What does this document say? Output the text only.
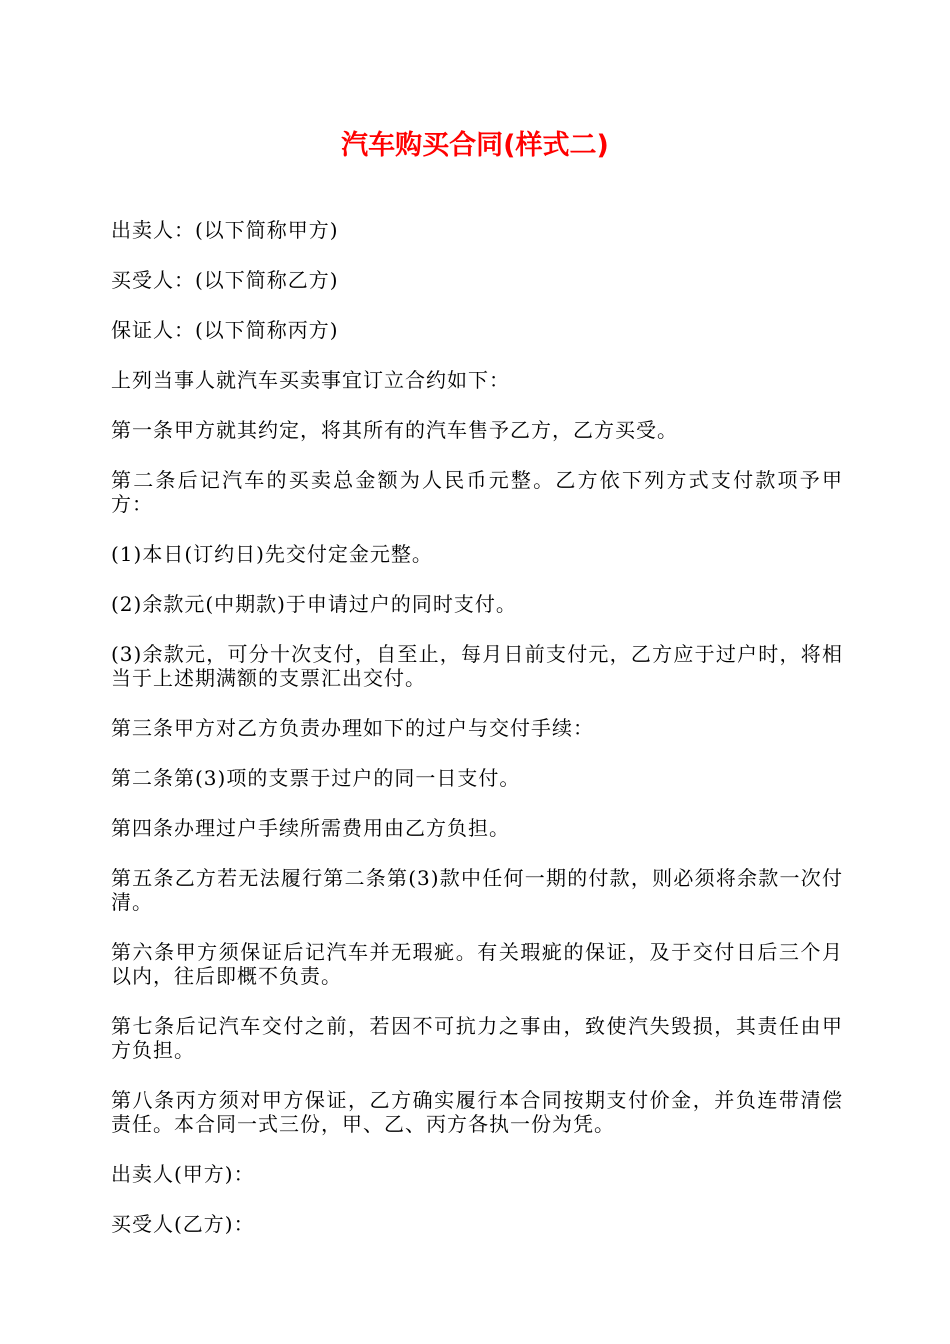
汽车购买合同(样式二)

出卖人：(以下简称甲方)

买受人：(以下简称乙方)

保证人：(以下简称丙方)

上列当事人就汽车买卖事宜订立合约如下：

第一条甲方就其约定，将其所有的汽车售予乙方，乙方买受。

第二条后记汽车的买卖总金额为人民币元整。乙方依下列方式支付款项予甲方：

(1)本日(订约日)先交付定金元整。

(2)余款元(中期款)于申请过户的同时支付。

(3)余款元，可分十次支付，自至止，每月日前支付元，乙方应于过户时，将相当于上述期满额的支票汇出交付。

第三条甲方对乙方负责办理如下的过户与交付手续：

第二条第(3)项的支票于过户的同一日支付。

第四条办理过户手续所需费用由乙方负担。

第五条乙方若无法履行第二条第(3)款中任何一期的付款，则必须将余款一次付清。

第六条甲方须保证后记汽车并无瑕疵。有关瑕疵的保证，及于交付日后三个月以内，往后即概不负责。

第七条后记汽车交付之前，若因不可抗力之事由，致使汽失毁损，其责任由甲方负担。

第八条丙方须对甲方保证，乙方确实履行本合同按期支付价金，并负连带清偿责任。本合同一式三份，甲、乙、丙方各执一份为凭。

出卖人(甲方)：

买受人(乙方)：
